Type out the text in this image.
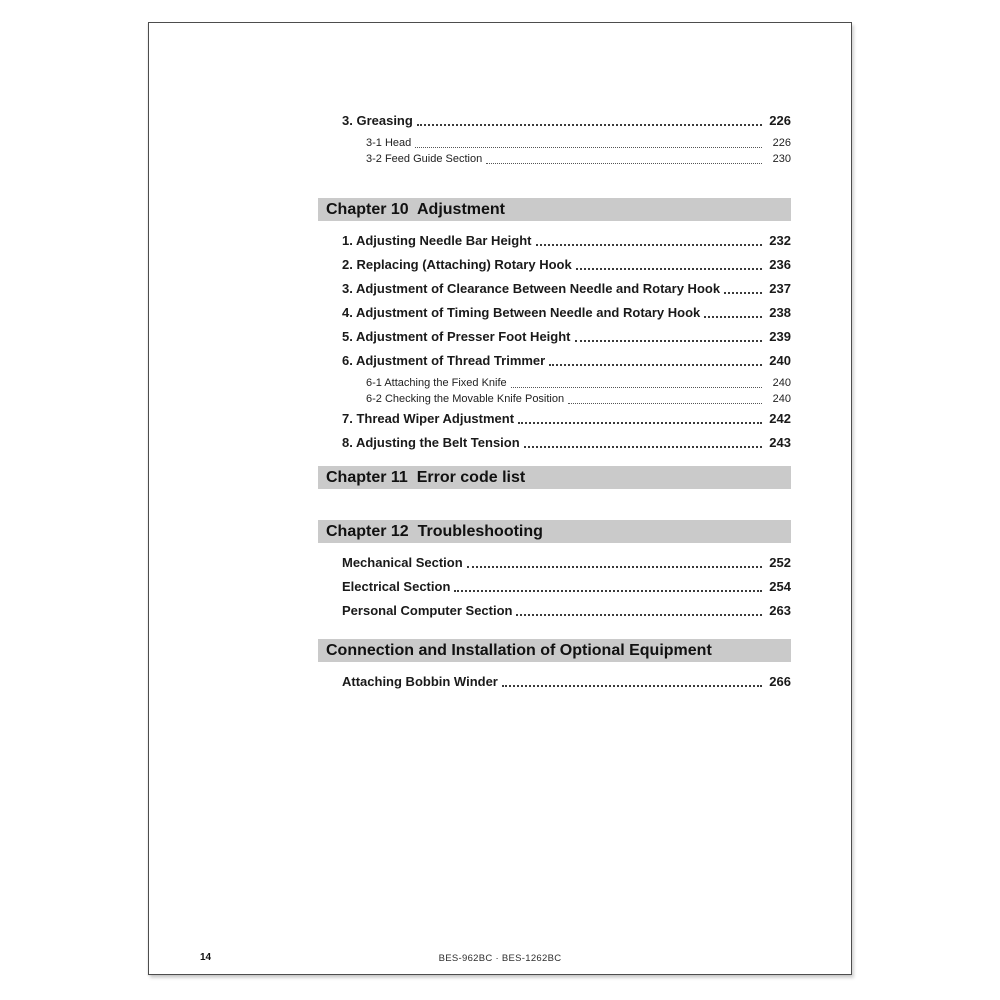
3. Greasing	226
3-1 Head	226
3-2 Feed Guide Section	230
Chapter 10  Adjustment
1. Adjusting Needle Bar Height	232
2. Replacing (Attaching) Rotary Hook	236
3. Adjustment of Clearance Between Needle and Rotary Hook	237
4. Adjustment of Timing Between Needle and Rotary Hook	238
5. Adjustment of Presser Foot Height	239
6. Adjustment of Thread Trimmer	240
6-1 Attaching the Fixed Knife	240
6-2 Checking the Movable Knife Position	240
7. Thread Wiper Adjustment	242
8. Adjusting the Belt Tension	243
Chapter 11  Error code list
Chapter 12  Troubleshooting
Mechanical Section	252
Electrical Section	254
Personal Computer Section	263
Connection and Installation of Optional Equipment
Attaching Bobbin Winder	266
14	BES-962BC · BES-1262BC
